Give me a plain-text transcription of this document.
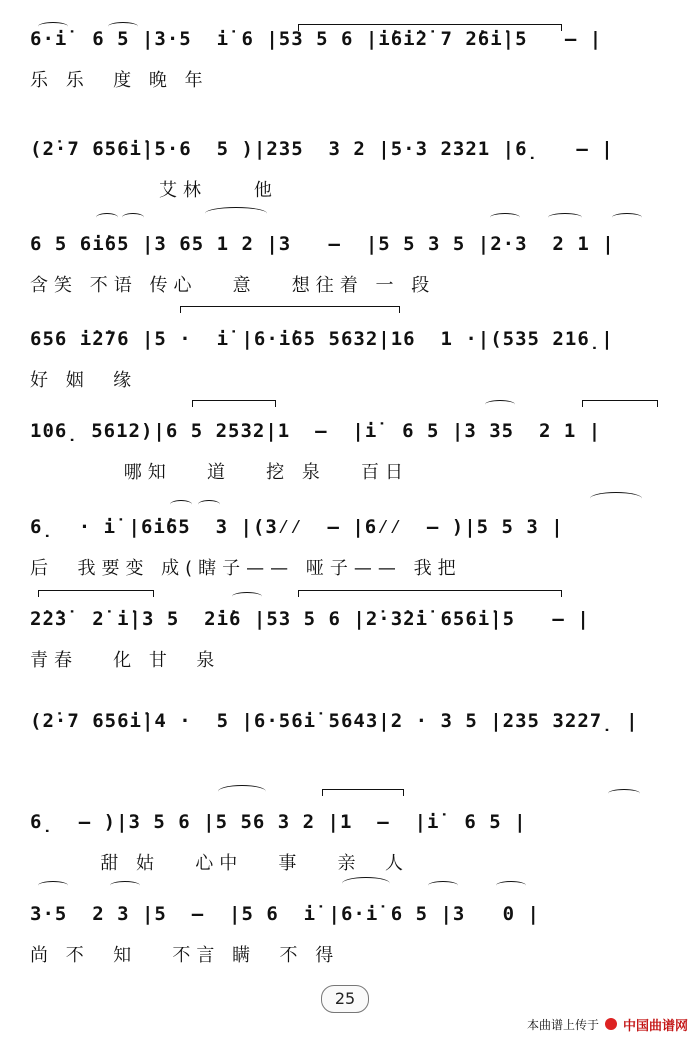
6·i̇  6 5 |3·5  i̇ 6 |53 5 6 |i̇6i̇2̇ 7 2̇6i̇|5   — |
乐 乐  度 晚 年
(2̇·7 656i̇|5·6  5 )|235  3 2 |5·3 2321 |6̣   — |
艾林    他
6 5 6i̇65 |3 65 1 2 |3   —  |5 5 3 5 |2·3  2 1 |
含笑 不语 传心   意   想往着 一 段
656 i̇2̇76 |5 ·  i̇ |6·i̇65 5632|16  1 ·|(535 216̣|
好 姻  缘
106̣ 5612)|6 5 2532|1  —  |i̇  6 5 |3 35  2 1 |
哪知   道   挖 泉   百日
6̣  · i̇ |6i̇65  3 |(3⁄⁄  — |6⁄⁄  — )|5 5 3 |
后  我要变 成(瞎子—— 哑子—— 我把
2̇2̇3̇  2̇ i̇|3 5  2̇i̇6 |53 5 6 |2̇·3̇2̇i̇ 656i̇|5   — |
青春   化 甘  泉
(2̇·7 656i̇|4 ·  5 |6·56i̇ 5643|2 · 3 5 |235 3227̣ |
6̣  — )|3 5 6 |5 56 3 2 |1  —  |i̇  6 5 |
甜 姑   心中   事   亲  人
3·5  2 3 |5  —  |5 6  i̇ |6·i̇ 6 5 |3   0 |
尚 不  知   不言 瞒  不 得
25
本曲谱上传于 中国曲谱网
